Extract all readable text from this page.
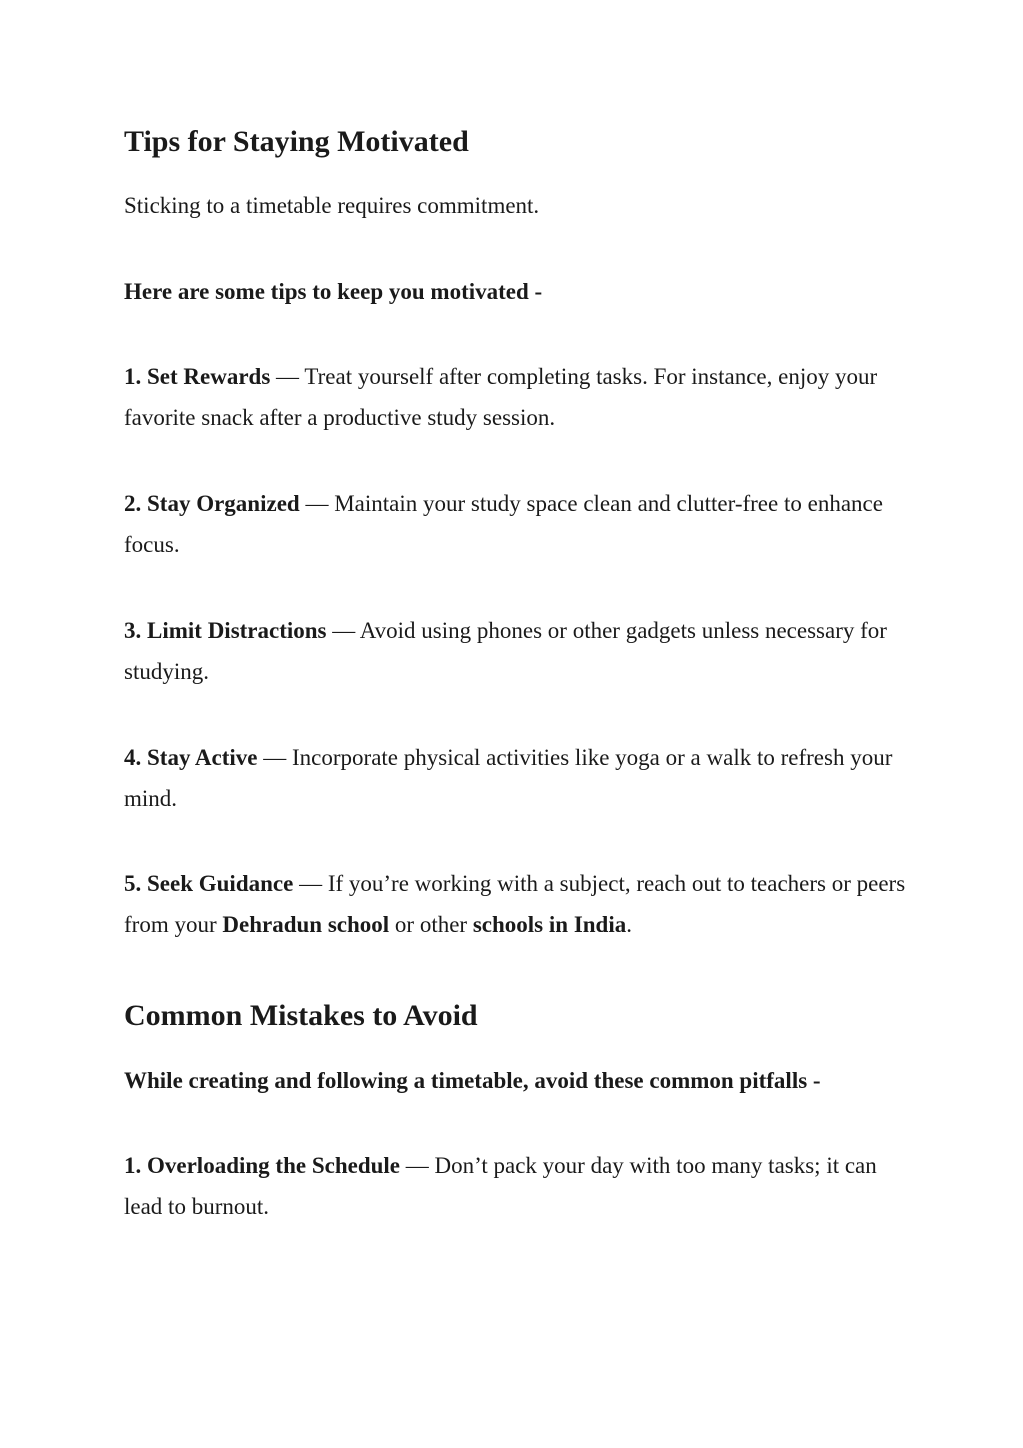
Tips for Staying Motivated

Sticking to a timetable requires commitment.

Here are some tips to keep you motivated -

1. Set Rewards — Treat yourself after completing tasks. For instance, enjoy your favorite snack after a productive study session.

2. Stay Organized — Maintain your study space clean and clutter-free to enhance focus.

3. Limit Distractions — Avoid using phones or other gadgets unless necessary for studying.

4. Stay Active — Incorporate physical activities like yoga or a walk to refresh your mind.

5. Seek Guidance — If you’re working with a subject, reach out to teachers or peers from your Dehradun school or other schools in India.

Common Mistakes to Avoid

While creating and following a timetable, avoid these common pitfalls -

1. Overloading the Schedule — Don’t pack your day with too many tasks; it can lead to burnout.
